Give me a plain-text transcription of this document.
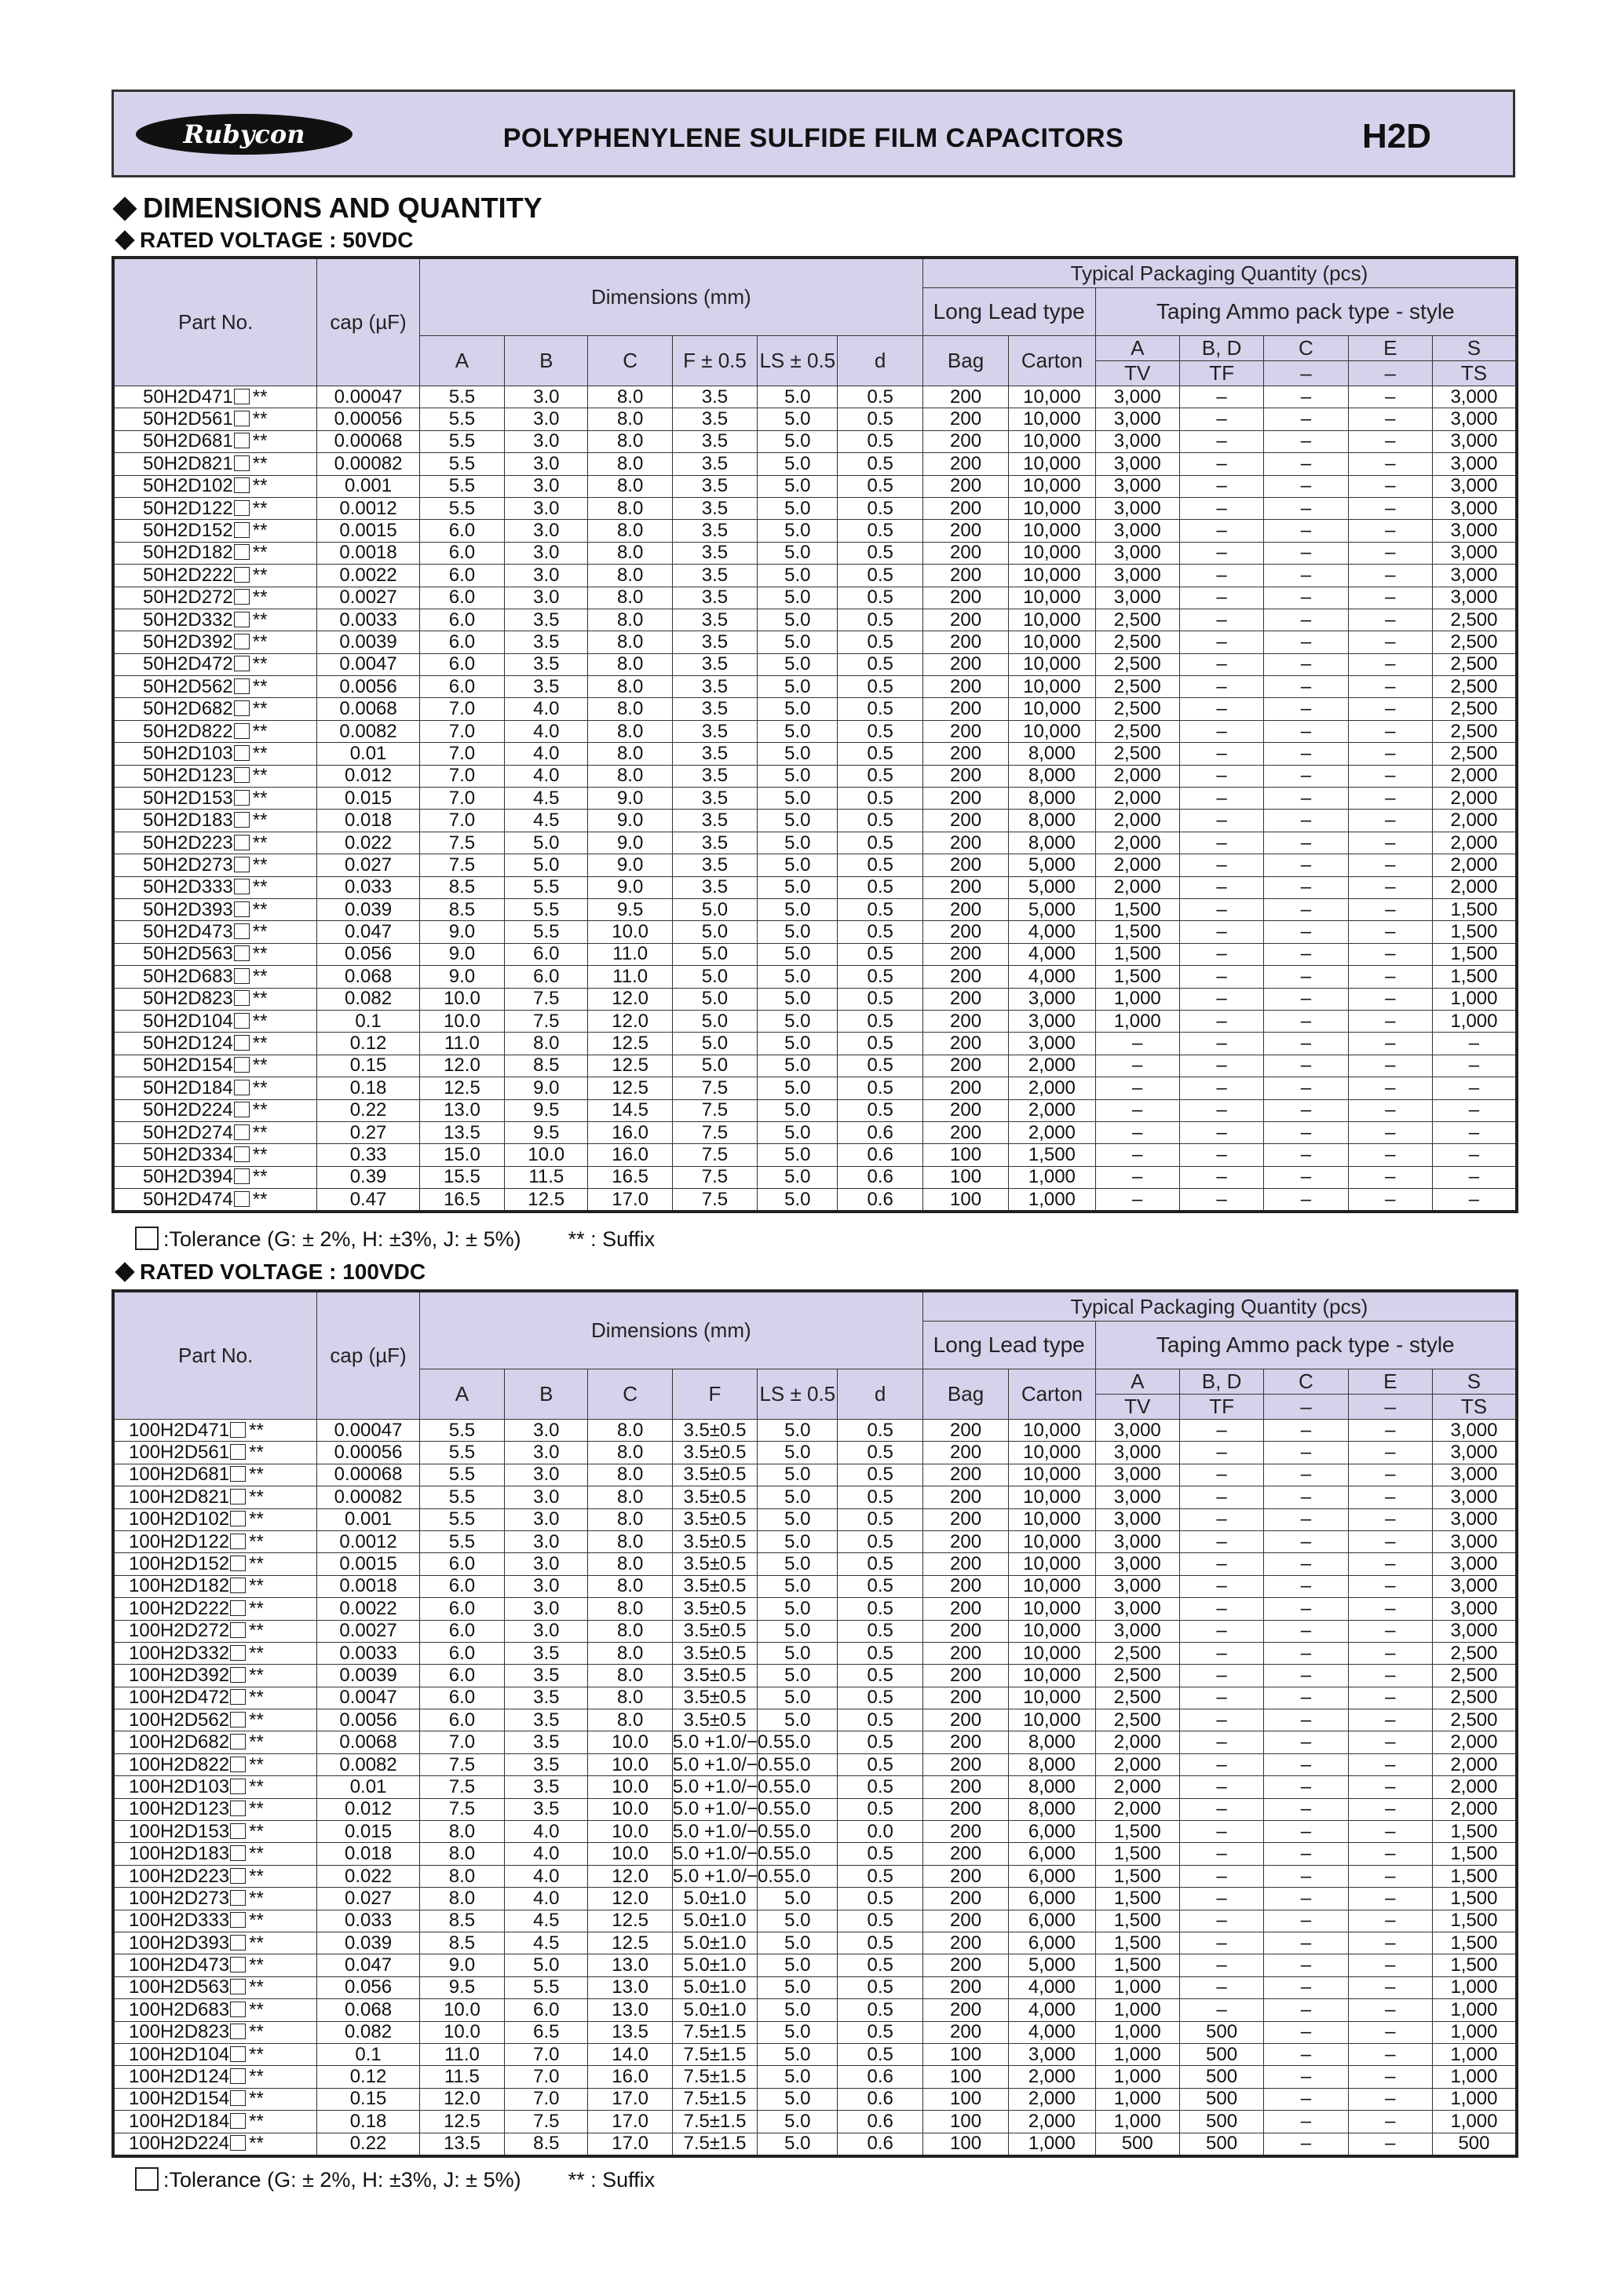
Rubycon	POLYPHENYLENE SULFIDE FILM CAPACITORS	H2D
DIMENSIONS AND QUANTITY
RATED VOLTAGE : 50VDC
Part No.	cap (µF)	Dimensions (mm)						Typical Packaging Quantity (pcs)						
								Long Lead type		Taping Ammo pack type - style				
		A	B	C	F ± 0.5	LS ± 0.5	d	Bag	Carton	A	B, D	C	E	S
										TV	TF	–	–	TS
50H2D471 **	0.00047	5.5	3.0	8.0	3.5	5.0	0.5	200	10,000	3,000	–	–	–	3,000
50H2D561 **	0.00056	5.5	3.0	8.0	3.5	5.0	0.5	200	10,000	3,000	–	–	–	3,000
50H2D681 **	0.00068	5.5	3.0	8.0	3.5	5.0	0.5	200	10,000	3,000	–	–	–	3,000
50H2D821 **	0.00082	5.5	3.0	8.0	3.5	5.0	0.5	200	10,000	3,000	–	–	–	3,000
50H2D102 **	0.001	5.5	3.0	8.0	3.5	5.0	0.5	200	10,000	3,000	–	–	–	3,000
50H2D122 **	0.0012	5.5	3.0	8.0	3.5	5.0	0.5	200	10,000	3,000	–	–	–	3,000
50H2D152 **	0.0015	6.0	3.0	8.0	3.5	5.0	0.5	200	10,000	3,000	–	–	–	3,000
50H2D182 **	0.0018	6.0	3.0	8.0	3.5	5.0	0.5	200	10,000	3,000	–	–	–	3,000
50H2D222 **	0.0022	6.0	3.0	8.0	3.5	5.0	0.5	200	10,000	3,000	–	–	–	3,000
50H2D272 **	0.0027	6.0	3.0	8.0	3.5	5.0	0.5	200	10,000	3,000	–	–	–	3,000
50H2D332 **	0.0033	6.0	3.5	8.0	3.5	5.0	0.5	200	10,000	2,500	–	–	–	2,500
50H2D392 **	0.0039	6.0	3.5	8.0	3.5	5.0	0.5	200	10,000	2,500	–	–	–	2,500
50H2D472 **	0.0047	6.0	3.5	8.0	3.5	5.0	0.5	200	10,000	2,500	–	–	–	2,500
50H2D562 **	0.0056	6.0	3.5	8.0	3.5	5.0	0.5	200	10,000	2,500	–	–	–	2,500
50H2D682 **	0.0068	7.0	4.0	8.0	3.5	5.0	0.5	200	10,000	2,500	–	–	–	2,500
50H2D822 **	0.0082	7.0	4.0	8.0	3.5	5.0	0.5	200	10,000	2,500	–	–	–	2,500
50H2D103 **	0.01	7.0	4.0	8.0	3.5	5.0	0.5	200	8,000	2,500	–	–	–	2,500
50H2D123 **	0.012	7.0	4.0	8.0	3.5	5.0	0.5	200	8,000	2,000	–	–	–	2,000
50H2D153 **	0.015	7.0	4.5	9.0	3.5	5.0	0.5	200	8,000	2,000	–	–	–	2,000
50H2D183 **	0.018	7.0	4.5	9.0	3.5	5.0	0.5	200	8,000	2,000	–	–	–	2,000
50H2D223 **	0.022	7.5	5.0	9.0	3.5	5.0	0.5	200	8,000	2,000	–	–	–	2,000
50H2D273 **	0.027	7.5	5.0	9.0	3.5	5.0	0.5	200	5,000	2,000	–	–	–	2,000
50H2D333 **	0.033	8.5	5.5	9.0	3.5	5.0	0.5	200	5,000	2,000	–	–	–	2,000
50H2D393 **	0.039	8.5	5.5	9.5	5.0	5.0	0.5	200	5,000	1,500	–	–	–	1,500
50H2D473 **	0.047	9.0	5.5	10.0	5.0	5.0	0.5	200	4,000	1,500	–	–	–	1,500
50H2D563 **	0.056	9.0	6.0	11.0	5.0	5.0	0.5	200	4,000	1,500	–	–	–	1,500
50H2D683 **	0.068	9.0	6.0	11.0	5.0	5.0	0.5	200	4,000	1,500	–	–	–	1,500
50H2D823 **	0.082	10.0	7.5	12.0	5.0	5.0	0.5	200	3,000	1,000	–	–	–	1,000
50H2D104 **	0.1	10.0	7.5	12.0	5.0	5.0	0.5	200	3,000	1,000	–	–	–	1,000
50H2D124 **	0.12	11.0	8.0	12.5	5.0	5.0	0.5	200	3,000	–	–	–	–	–
50H2D154 **	0.15	12.0	8.5	12.5	5.0	5.0	0.5	200	2,000	–	–	–	–	–
50H2D184 **	0.18	12.5	9.0	12.5	7.5	5.0	0.5	200	2,000	–	–	–	–	–
50H2D224 **	0.22	13.0	9.5	14.5	7.5	5.0	0.5	200	2,000	–	–	–	–	–
50H2D274 **	0.27	13.5	9.5	16.0	7.5	5.0	0.6	200	2,000	–	–	–	–	–
50H2D334 **	0.33	15.0	10.0	16.0	7.5	5.0	0.6	100	1,500	–	–	–	–	–
50H2D394 **	0.39	15.5	11.5	16.5	7.5	5.0	0.6	100	1,000	–	–	–	–	–
50H2D474 **	0.47	16.5	12.5	17.0	7.5	5.0	0.6	100	1,000	–	–	–	–	–
:Tolerance (G: ± 2%, H: ±3%, J: ± 5%) ** : Suffix
RATED VOLTAGE : 100VDC
Part No.	cap (µF)	Dimensions (mm)						Typical Packaging Quantity (pcs)						
								Long Lead type		Taping Ammo pack type - style				
		A	B	C	F	LS ± 0.5	d	Bag	Carton	A	B, D	C	E	S
										TV	TF	–	–	TS
100H2D471 **	0.00047	5.5	3.0	8.0	3.5±0.5	5.0	0.5	200	10,000	3,000	–	–	–	3,000
100H2D561 **	0.00056	5.5	3.0	8.0	3.5±0.5	5.0	0.5	200	10,000	3,000	–	–	–	3,000
100H2D681 **	0.00068	5.5	3.0	8.0	3.5±0.5	5.0	0.5	200	10,000	3,000	–	–	–	3,000
100H2D821 **	0.00082	5.5	3.0	8.0	3.5±0.5	5.0	0.5	200	10,000	3,000	–	–	–	3,000
100H2D102 **	0.001	5.5	3.0	8.0	3.5±0.5	5.0	0.5	200	10,000	3,000	–	–	–	3,000
100H2D122 **	0.0012	5.5	3.0	8.0	3.5±0.5	5.0	0.5	200	10,000	3,000	–	–	–	3,000
100H2D152 **	0.0015	6.0	3.0	8.0	3.5±0.5	5.0	0.5	200	10,000	3,000	–	–	–	3,000
100H2D182 **	0.0018	6.0	3.0	8.0	3.5±0.5	5.0	0.5	200	10,000	3,000	–	–	–	3,000
100H2D222 **	0.0022	6.0	3.0	8.0	3.5±0.5	5.0	0.5	200	10,000	3,000	–	–	–	3,000
100H2D272 **	0.0027	6.0	3.0	8.0	3.5±0.5	5.0	0.5	200	10,000	3,000	–	–	–	3,000
100H2D332 **	0.0033	6.0	3.5	8.0	3.5±0.5	5.0	0.5	200	10,000	2,500	–	–	–	2,500
100H2D392 **	0.0039	6.0	3.5	8.0	3.5±0.5	5.0	0.5	200	10,000	2,500	–	–	–	2,500
100H2D472 **	0.0047	6.0	3.5	8.0	3.5±0.5	5.0	0.5	200	10,000	2,500	–	–	–	2,500
100H2D562 **	0.0056	6.0	3.5	8.0	3.5±0.5	5.0	0.5	200	10,000	2,500	–	–	–	2,500
100H2D682 **	0.0068	7.0	3.5	10.0	5.0 +1.0/−0.5	5.0	0.5	200	8,000	2,000	–	–	–	2,000
100H2D822 **	0.0082	7.5	3.5	10.0	5.0 +1.0/−0.5	5.0	0.5	200	8,000	2,000	–	–	–	2,000
100H2D103 **	0.01	7.5	3.5	10.0	5.0 +1.0/−0.5	5.0	0.5	200	8,000	2,000	–	–	–	2,000
100H2D123 **	0.012	7.5	3.5	10.0	5.0 +1.0/−0.5	5.0	0.5	200	8,000	2,000	–	–	–	2,000
100H2D153 **	0.015	8.0	4.0	10.0	5.0 +1.0/−0.5	5.0	0.0	200	6,000	1,500	–	–	–	1,500
100H2D183 **	0.018	8.0	4.0	10.0	5.0 +1.0/−0.5	5.0	0.5	200	6,000	1,500	–	–	–	1,500
100H2D223 **	0.022	8.0	4.0	12.0	5.0 +1.0/−0.5	5.0	0.5	200	6,000	1,500	–	–	–	1,500
100H2D273 **	0.027	8.0	4.0	12.0	5.0±1.0	5.0	0.5	200	6,000	1,500	–	–	–	1,500
100H2D333 **	0.033	8.5	4.5	12.5	5.0±1.0	5.0	0.5	200	6,000	1,500	–	–	–	1,500
100H2D393 **	0.039	8.5	4.5	12.5	5.0±1.0	5.0	0.5	200	6,000	1,500	–	–	–	1,500
100H2D473 **	0.047	9.0	5.0	13.0	5.0±1.0	5.0	0.5	200	5,000	1,500	–	–	–	1,500
100H2D563 **	0.056	9.5	5.5	13.0	5.0±1.0	5.0	0.5	200	4,000	1,000	–	–	–	1,000
100H2D683 **	0.068	10.0	6.0	13.0	5.0±1.0	5.0	0.5	200	4,000	1,000	–	–	–	1,000
100H2D823 **	0.082	10.0	6.5	13.5	7.5±1.5	5.0	0.5	200	4,000	1,000	500	–	–	1,000
100H2D104 **	0.1	11.0	7.0	14.0	7.5±1.5	5.0	0.5	100	3,000	1,000	500	–	–	1,000
100H2D124 **	0.12	11.5	7.0	16.0	7.5±1.5	5.0	0.6	100	2,000	1,000	500	–	–	1,000
100H2D154 **	0.15	12.0	7.0	17.0	7.5±1.5	5.0	0.6	100	2,000	1,000	500	–	–	1,000
100H2D184 **	0.18	12.5	7.5	17.0	7.5±1.5	5.0	0.6	100	2,000	1,000	500	–	–	1,000
100H2D224 **	0.22	13.5	8.5	17.0	7.5±1.5	5.0	0.6	100	1,000	500	500	–	–	500
:Tolerance (G: ± 2%, H: ±3%, J: ± 5%) ** : Suffix
